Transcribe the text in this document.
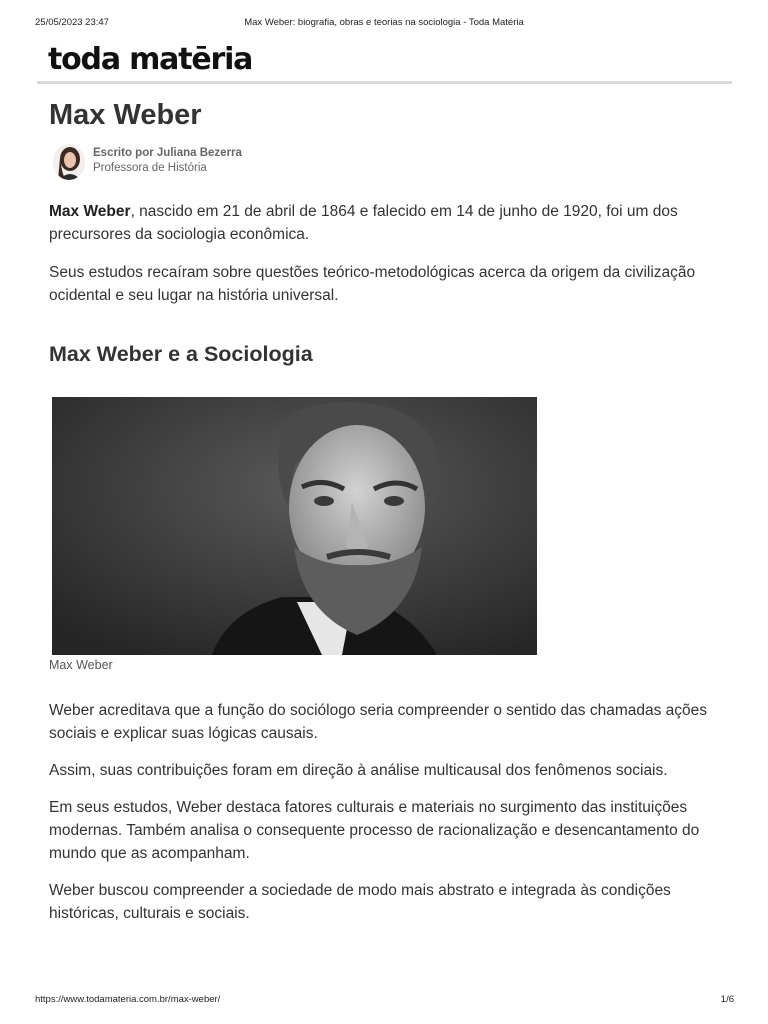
25/05/2023 23:47	Max Weber: biografia, obras e teorias na sociologia - Toda Matéria
toda matēria
Max Weber
Escrito por Juliana Bezerra
Professora de História

Max Weber, nascido em 21 de abril de 1864 e falecido em 14 de junho de 1920, foi um dos precursores da sociologia econômica.

Seus estudos recaíram sobre questões teórico-metodológicas acerca da origem da civilização ocidental e seu lugar na história universal.

Max Weber e a Sociologia
Max Weber

Weber acreditava que a função do sociólogo seria compreender o sentido das chamadas ações sociais e explicar suas lógicas causais.

Assim, suas contribuições foram em direção à análise multicausal dos fenômenos sociais.

Em seus estudos, Weber destaca fatores culturais e materiais no surgimento das instituições modernas. Também analisa o consequente processo de racionalização e desencantamento do mundo que as acompanham.

Weber buscou compreender a sociedade de modo mais abstrato e integrada às condições históricas, culturais e sociais.

https://www.todamateria.com.br/max-weber/	1/6
